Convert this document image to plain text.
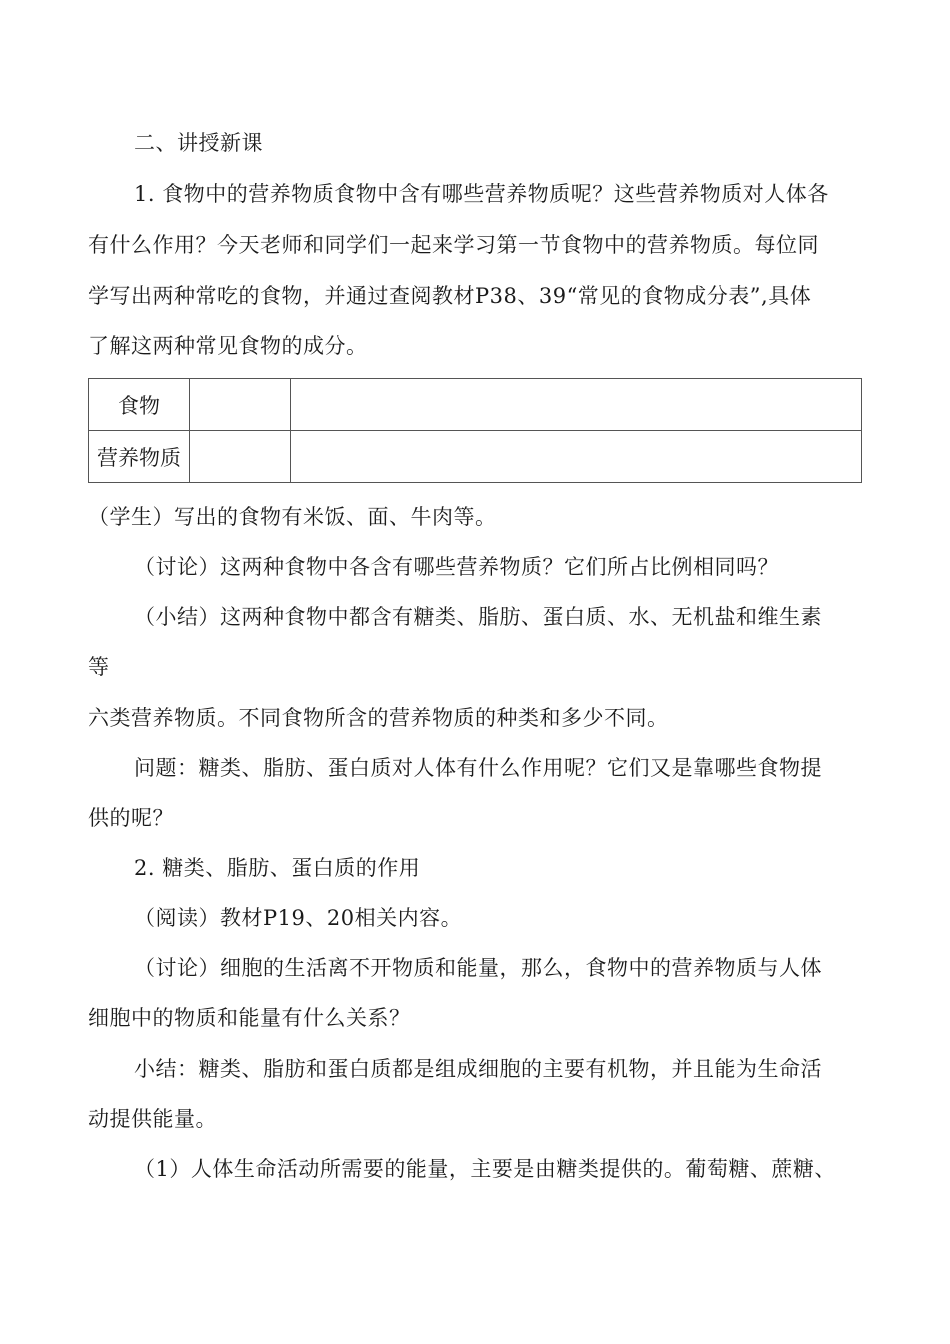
二、讲授新课

1. 食物中的营养物质食物中含有哪些营养物质呢？这些营养物质对人体各

有什么作用？今天老师和同学们一起来学习第一节食物中的营养物质。每位同

学写出两种常吃的食物，并通过查阅教材P38、39“常见的食物成分表”,具体

了解这两种常见食物的成分。

食物		
营养物质		

（学生）写出的食物有米饭、面、牛肉等。

（讨论）这两种食物中各含有哪些营养物质？它们所占比例相同吗？

（小结）这两种食物中都含有糖类、脂肪、蛋白质、水、无机盐和维生素

等

六类营养物质。不同食物所含的营养物质的种类和多少不同。

问题：糖类、脂肪、蛋白质对人体有什么作用呢？它们又是靠哪些食物提

供的呢？

2. 糖类、脂肪、蛋白质的作用

（阅读）教材P19、20相关内容。

（讨论）细胞的生活离不开物质和能量，那么，食物中的营养物质与人体

细胞中的物质和能量有什么关系？

小结：糖类、脂肪和蛋白质都是组成细胞的主要有机物，并且能为生命活

动提供能量。

（1）人体生命活动所需要的能量，主要是由糖类提供的。葡萄糖、蔗糖、
